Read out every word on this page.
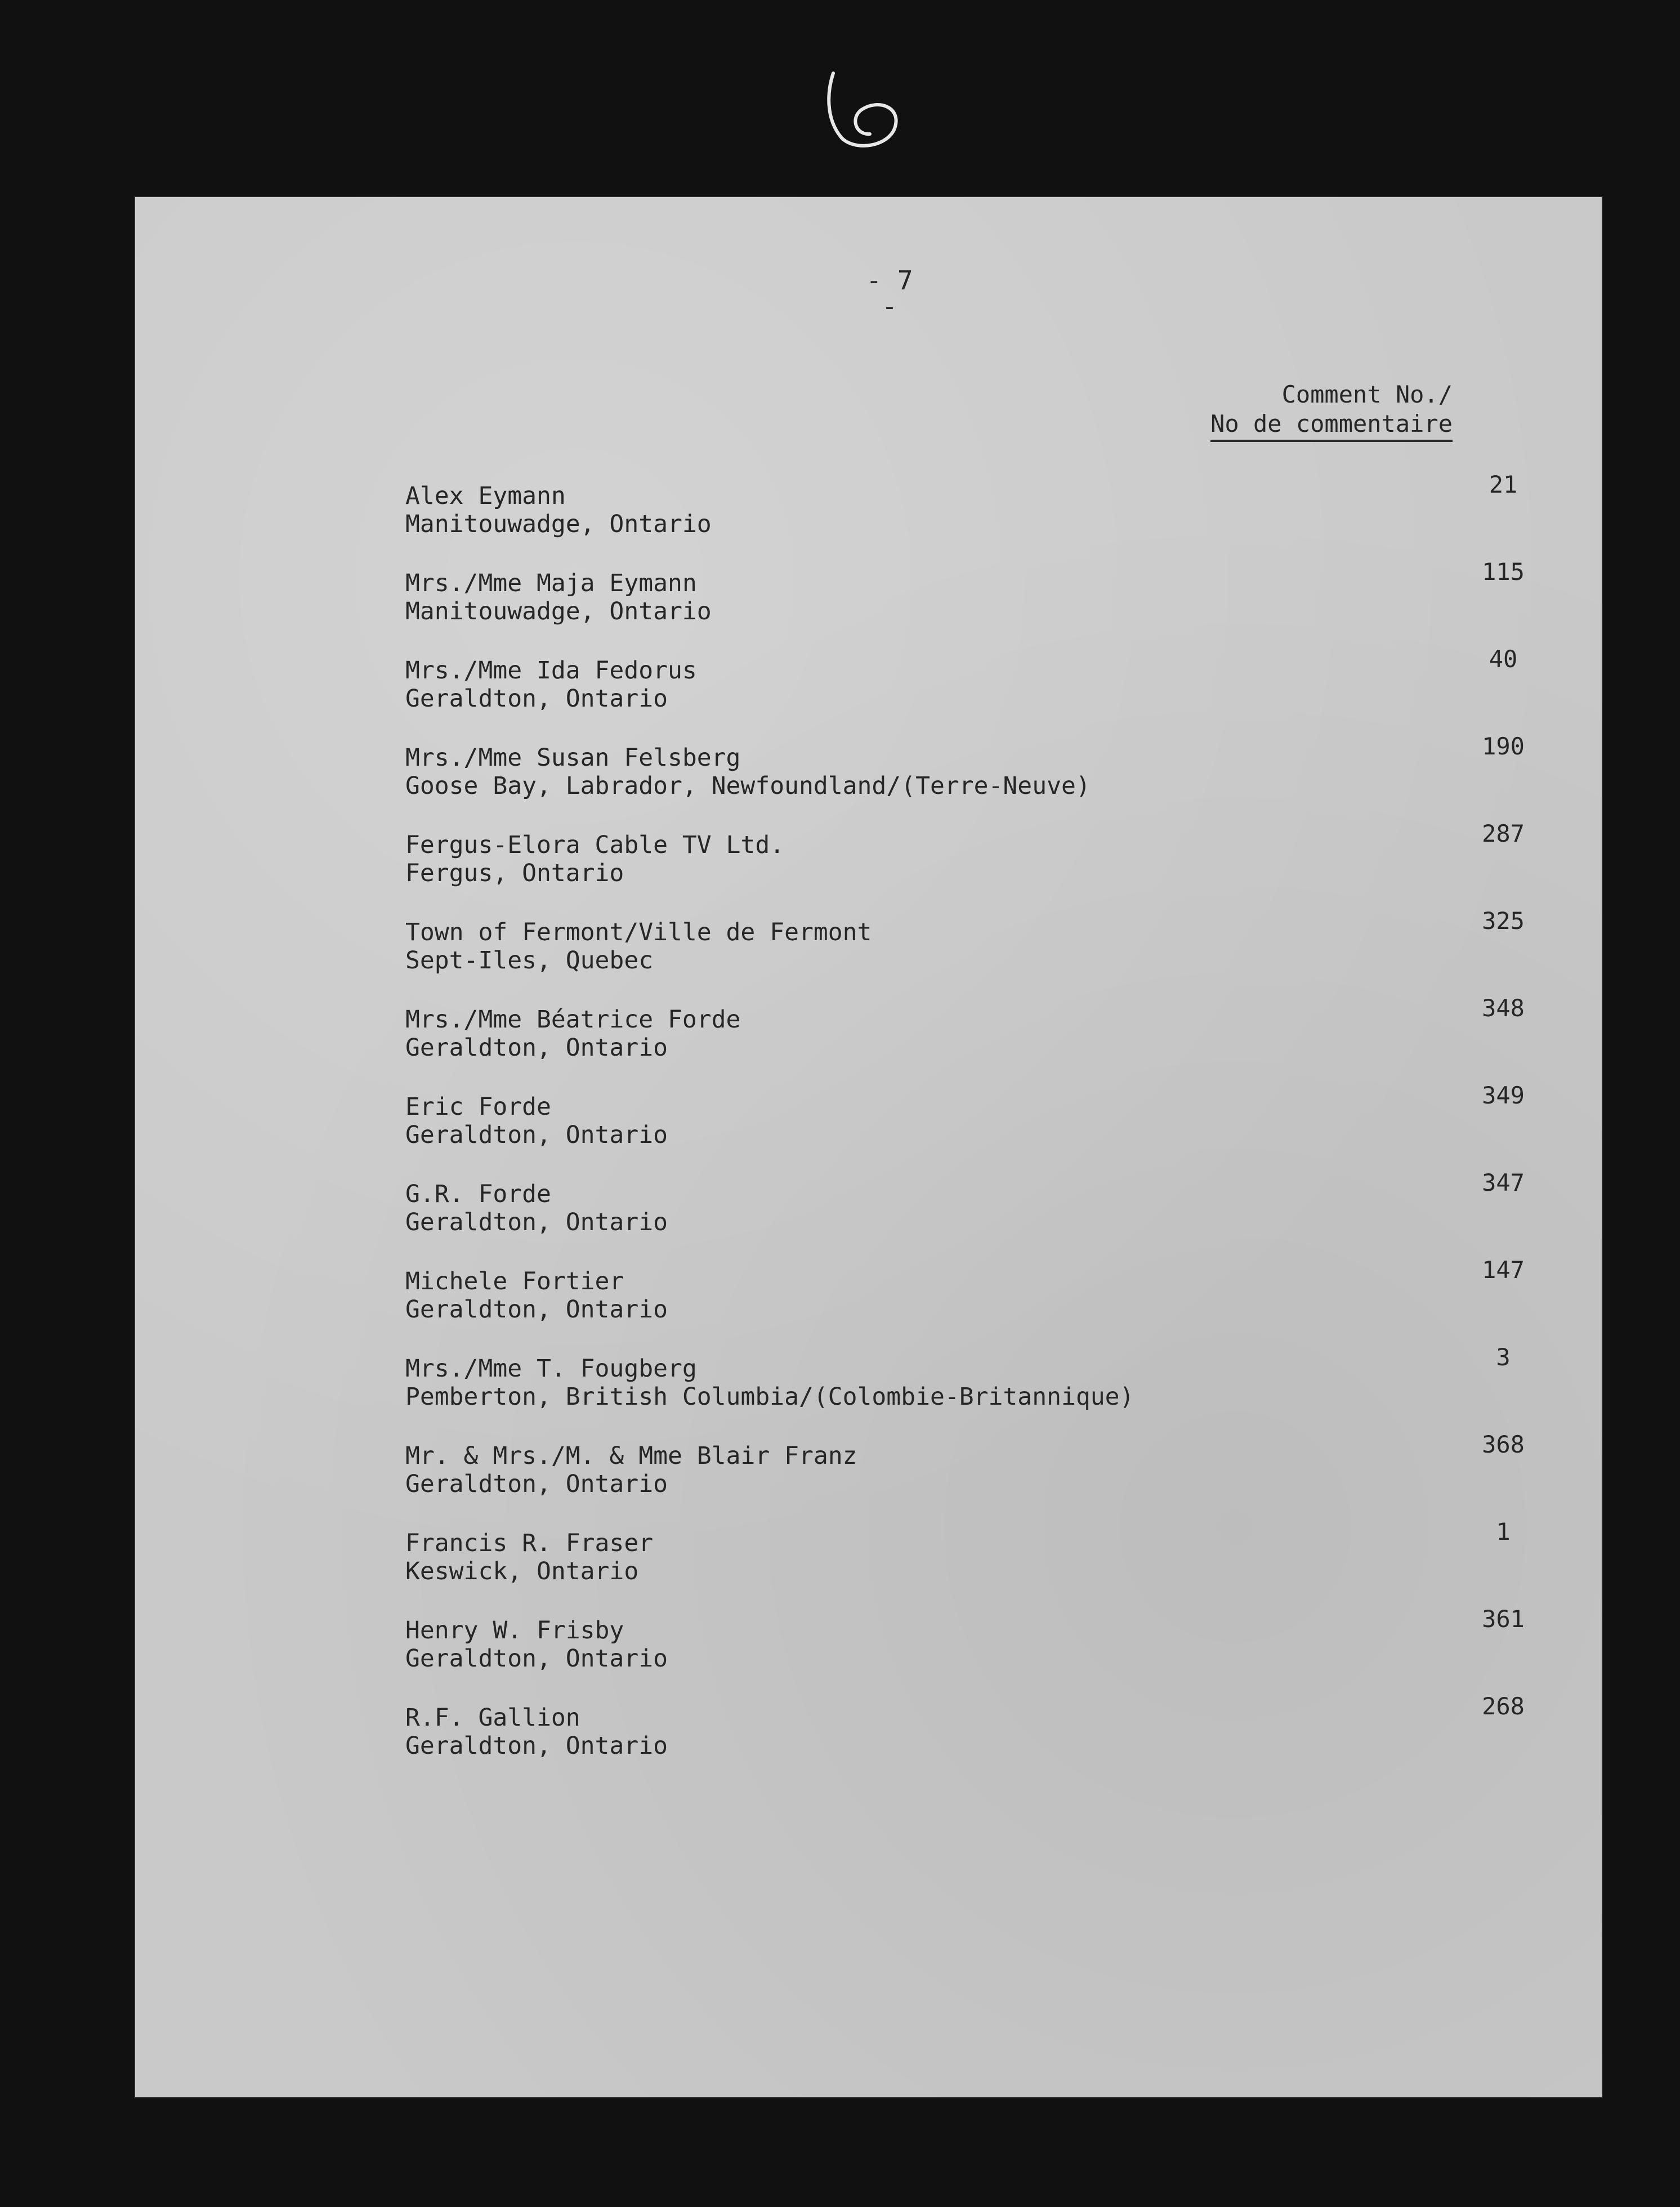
- 7 -
Comment No./
No de commentaire
Alex Eymann
Manitouwadge, Ontario
21
Mrs./Mme Maja Eymann
Manitouwadge, Ontario
115
Mrs./Mme Ida Fedorus
Geraldton, Ontario
40
Mrs./Mme Susan Felsberg
Goose Bay, Labrador, Newfoundland/(Terre-Neuve)
190
Fergus-Elora Cable TV Ltd.
Fergus, Ontario
287
Town of Fermont/Ville de Fermont
Sept-Iles, Quebec
325
Mrs./Mme Béatrice Forde
Geraldton, Ontario
348
Eric Forde
Geraldton, Ontario
349
G.R. Forde
Geraldton, Ontario
347
Michele Fortier
Geraldton, Ontario
147
Mrs./Mme T. Fougberg
Pemberton, British Columbia/(Colombie-Britannique)
3
Mr. & Mrs./M. & Mme Blair Franz
Geraldton, Ontario
368
Francis R. Fraser
Keswick, Ontario
1
Henry W. Frisby
Geraldton, Ontario
361
R.F. Gallion
Geraldton, Ontario
268
